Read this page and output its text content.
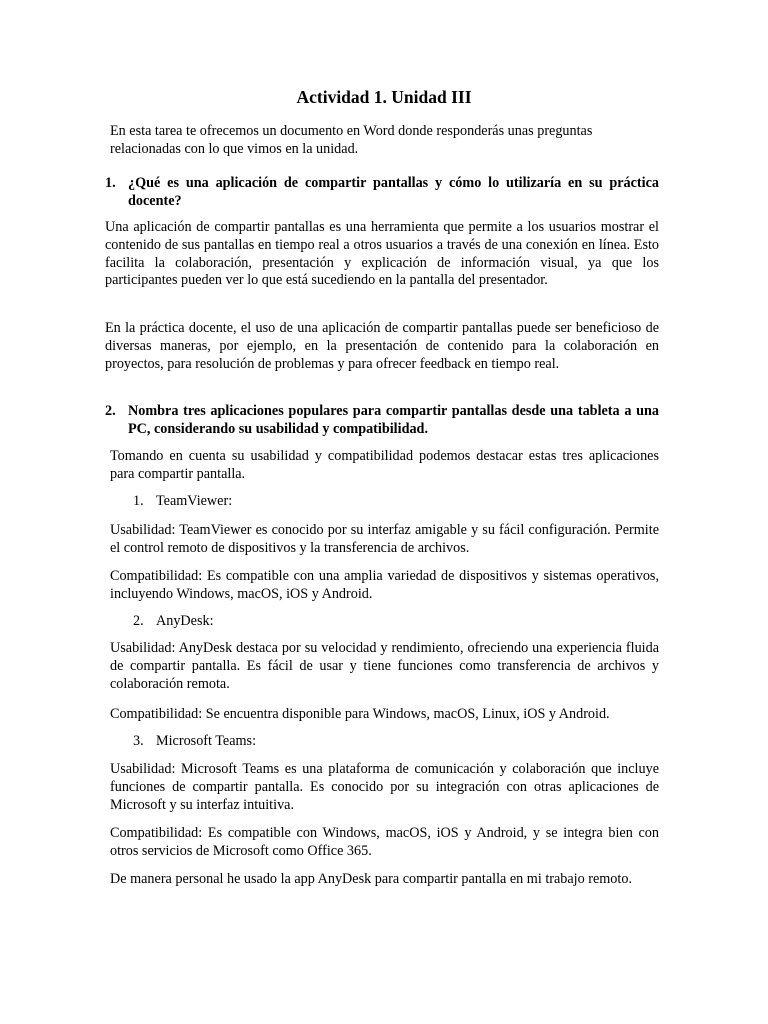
Actividad 1. Unidad III

En esta tarea te ofrecemos un documento en Word donde responderás unas preguntas relacionadas con lo que vimos en la unidad.

1. ¿Qué es una aplicación de compartir pantallas y cómo lo utilizaría en su práctica docente?

Una aplicación de compartir pantallas es una herramienta que permite a los usuarios mostrar el contenido de sus pantallas en tiempo real a otros usuarios a través de una conexión en línea. Esto facilita la colaboración, presentación y explicación de información visual, ya que los participantes pueden ver lo que está sucediendo en la pantalla del presentador.

En la práctica docente, el uso de una aplicación de compartir pantallas puede ser beneficioso de diversas maneras, por ejemplo, en la presentación de contenido para la colaboración en proyectos, para resolución de problemas y para ofrecer feedback en tiempo real.

2. Nombra tres aplicaciones populares para compartir pantallas desde una tableta a una PC, considerando su usabilidad y compatibilidad.

Tomando en cuenta su usabilidad y compatibilidad podemos destacar estas tres aplicaciones para compartir pantalla.

1. TeamViewer:

Usabilidad: TeamViewer es conocido por su interfaz amigable y su fácil configuración. Permite el control remoto de dispositivos y la transferencia de archivos.

Compatibilidad: Es compatible con una amplia variedad de dispositivos y sistemas operativos, incluyendo Windows, macOS, iOS y Android.

2. AnyDesk:

Usabilidad: AnyDesk destaca por su velocidad y rendimiento, ofreciendo una experiencia fluida de compartir pantalla. Es fácil de usar y tiene funciones como transferencia de archivos y colaboración remota.

Compatibilidad: Se encuentra disponible para Windows, macOS, Linux, iOS y Android.

3. Microsoft Teams:

Usabilidad: Microsoft Teams es una plataforma de comunicación y colaboración que incluye funciones de compartir pantalla. Es conocido por su integración con otras aplicaciones de Microsoft y su interfaz intuitiva.

Compatibilidad: Es compatible con Windows, macOS, iOS y Android, y se integra bien con otros servicios de Microsoft como Office 365.

De manera personal he usado la app AnyDesk para compartir pantalla en mi trabajo remoto.
